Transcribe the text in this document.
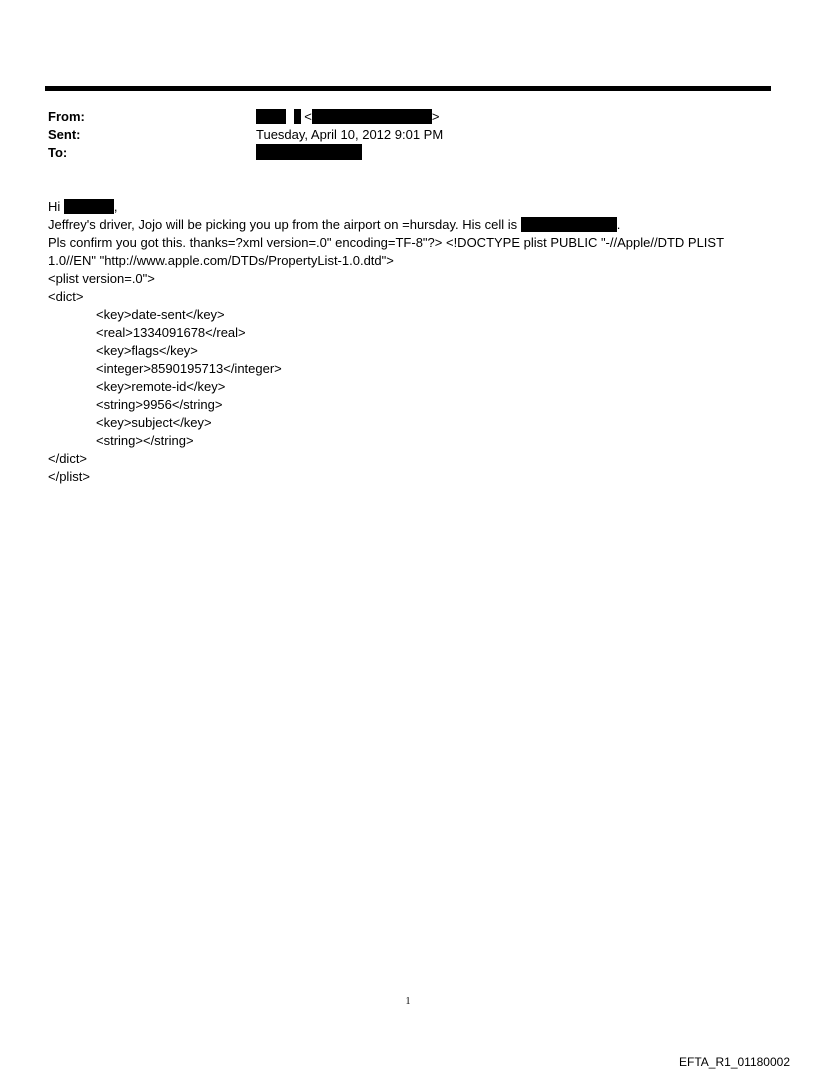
From:	<	>
Sent:	Tuesday, April 10, 2012 9:01 PM
To:
Hi	,
Jeffrey's driver, Jojo will be picking you up from the airport on =hursday. His cell is	.
Pls confirm you got this. thanks=?xml version=.0" encoding=TF-8"?> <!DOCTYPE plist PUBLIC "-//Apple//DTD PLIST
1.0//EN" "http://www.apple.com/DTDs/PropertyList-1.0.dtd">
<plist version=.0">
<dict>
<key>date-sent</key>
<real>1334091678</real>
<key>flags</key>
<integer>8590195713</integer>
<key>remote-id</key>
<string>9956</string>
<key>subject</key>
<string></string>
</dict>
</plist>
1
EFTA_R1_01180002
